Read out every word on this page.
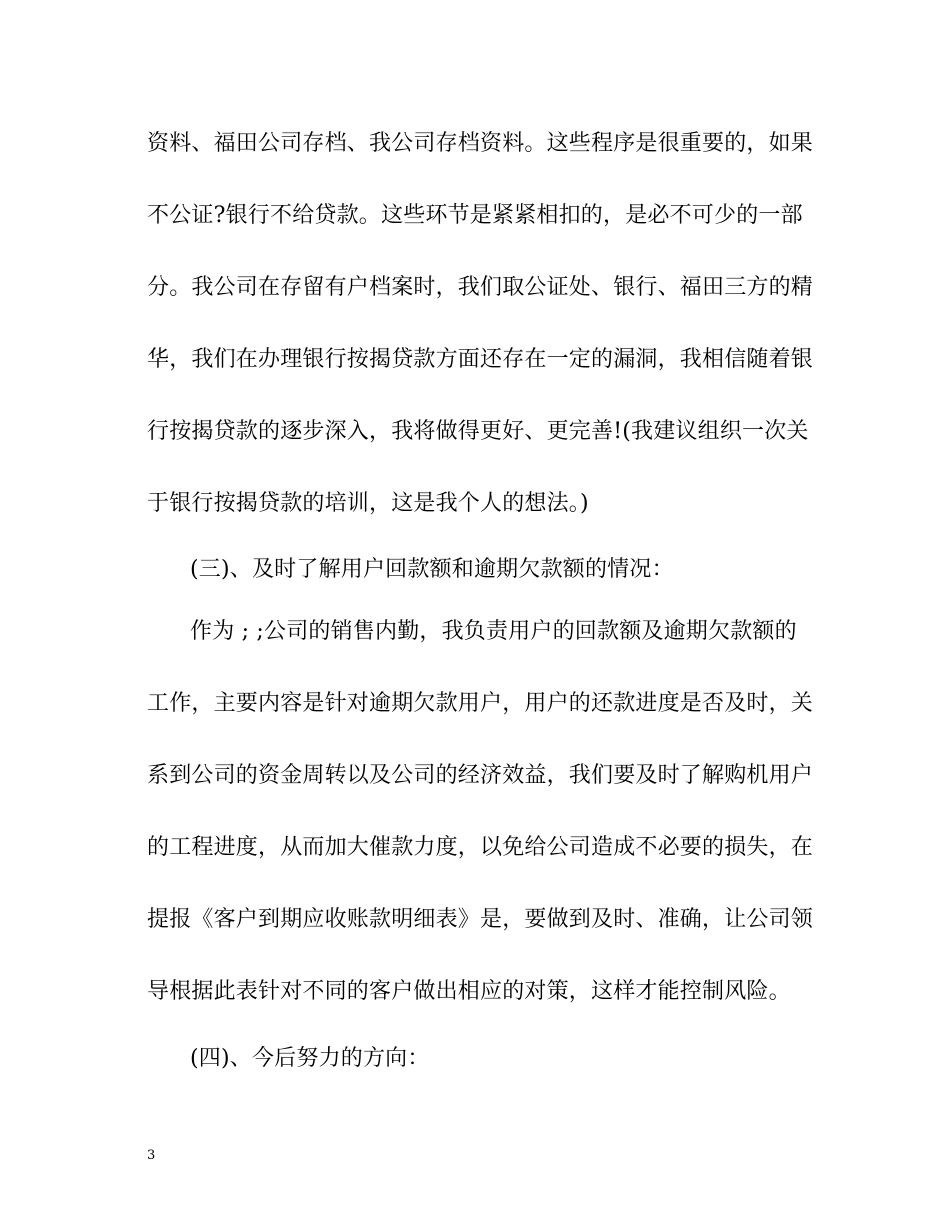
资料、福田公司存档、我公司存档资料。这些程序是很重要的，如果
不公证?银行不给贷款。这些环节是紧紧相扣的，是必不可少的一部
分。我公司在存留有户档案时，我们取公证处、银行、福田三方的精
华，我们在办理银行按揭贷款方面还存在一定的漏洞，我相信随着银
行按揭贷款的逐步深入，我将做得更好、更完善!(我建议组织一次关
于银行按揭贷款的培训，这是我个人的想法。)
(三)、及时了解用户回款额和逾期欠款额的情况：
作为 ; ;公司的销售内勤，我负责用户的回款额及逾期欠款额的
工作，主要内容是针对逾期欠款用户，用户的还款进度是否及时，关
系到公司的资金周转以及公司的经济效益，我们要及时了解购机用户
的工程进度，从而加大催款力度，以免给公司造成不必要的损失，在
提报《客户到期应收账款明细表》是，要做到及时、准确，让公司领
导根据此表针对不同的客户做出相应的对策，这样才能控制风险。
(四)、今后努力的方向：
3
